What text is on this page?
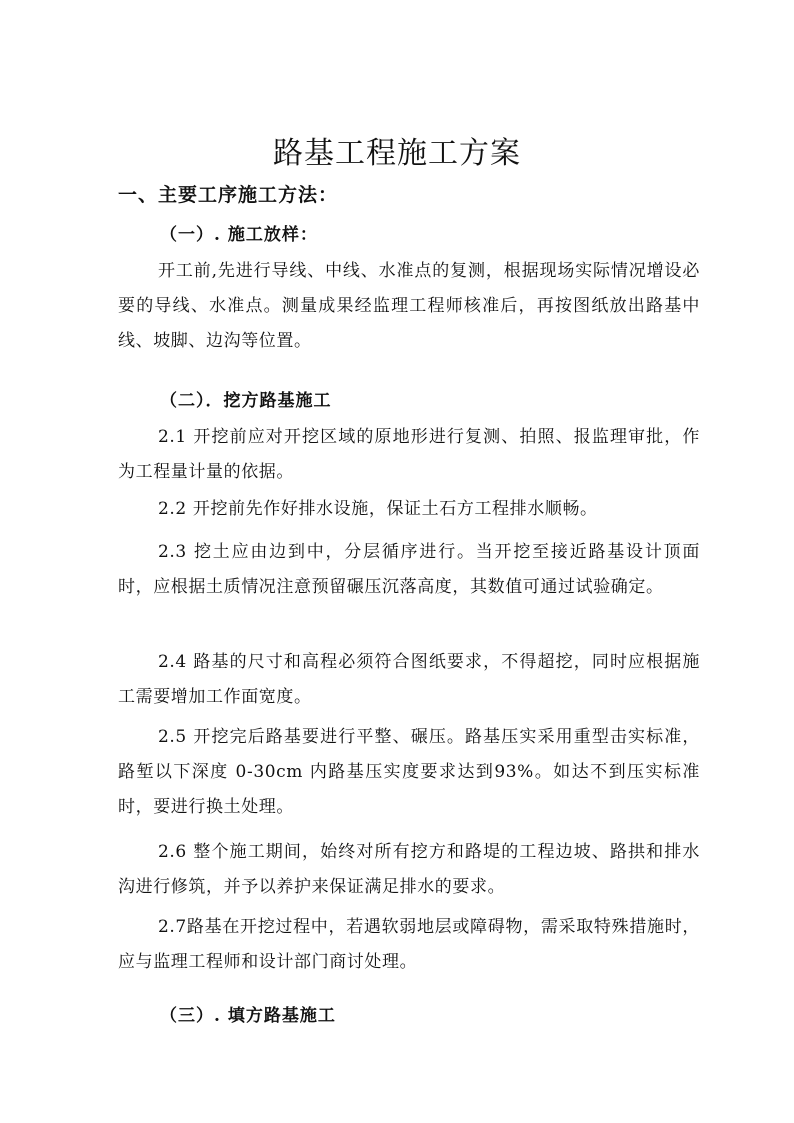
路基工程施工方案
一、主要工序施工方法：
（一）. 施工放样：

开工前,先进行导线、中线、水准点的复测，根据现场实际情况增设必要的导线、水准点。测量成果经监理工程师核准后，再按图纸放出路基中线、坡脚、边沟等位置。

（二）．挖方路基施工

2.1 开挖前应对开挖区域的原地形进行复测、拍照、报监理审批，作为工程量计量的依据。

2.2 开挖前先作好排水设施，保证土石方工程排水顺畅。

2.3 挖土应由边到中，分层循序进行。当开挖至接近路基设计顶面时，应根据土质情况注意预留碾压沉落高度，其数值可通过试验确定。

2.4 路基的尺寸和高程必须符合图纸要求，不得超挖，同时应根据施工需要增加工作面宽度。

2.5 开挖完后路基要进行平整、碾压。路基压实采用重型击实标准，路堑以下深度 0-30cm 内路基压实度要求达到93%。如达不到压实标准时，要进行换土处理。

2.6 整个施工期间，始终对所有挖方和路堤的工程边坡、路拱和排水沟进行修筑，并予以养护来保证满足排水的要求。

2.7路基在开挖过程中，若遇软弱地层或障碍物，需采取特殊措施时，应与监理工程师和设计部门商讨处理。

（三）. 填方路基施工
